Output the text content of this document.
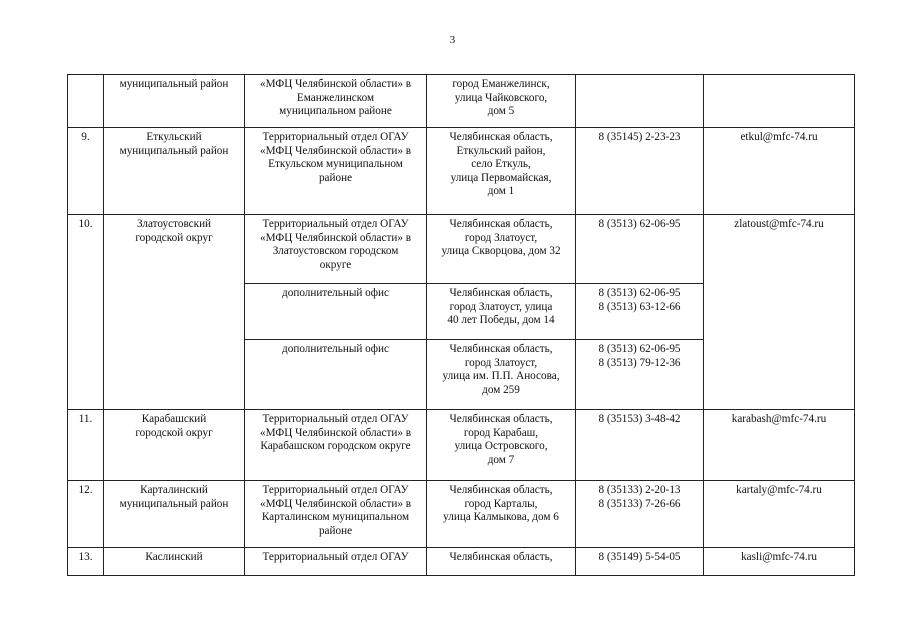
3
	муниципальный район	«МФЦ Челябинской области» в
Еманжелинском
муниципальном районе	город Еманжелинск,
улица Чайковского,
дом 5		
9.	Еткульский
муниципальный район	Территориальный отдел ОГАУ
«МФЦ Челябинской области» в
Еткульском муниципальном
районе	Челябинская область,
Еткульский район,
село Еткуль,
улица Первомайская,
дом 1	8 (35145) 2-23-23	etkul@mfc-74.ru
10.	Златоустовский
городской округ	Территориальный отдел ОГАУ
«МФЦ Челябинской области» в
Златоустовском городском
округе	Челябинская область,
город Златоуст,
улица Скворцова, дом 32	8 (3513) 62-06-95	zlatoust@mfc-74.ru
		дополнительный офис	Челябинская область,
город Златоуст, улица
40 лет Победы, дом 14	8 (3513) 62-06-95
8 (3513) 63-12-66	
		дополнительный офис	Челябинская область,
город Златоуст,
улица им. П.П. Аносова,
дом 259	8 (3513) 62-06-95
8 (3513) 79-12-36	
11.	Карабашский
городской округ	Территориальный отдел ОГАУ
«МФЦ Челябинской области» в
Карабашском городском округе	Челябинская область,
город Карабаш,
улица Островского,
дом 7	8 (35153) 3-48-42	karabash@mfc-74.ru
12.	Карталинский
муниципальный район	Территориальный отдел ОГАУ
«МФЦ Челябинской области» в
Карталинском муниципальном
районе	Челябинская область,
город Карталы,
улица Калмыкова, дом 6	8 (35133) 2-20-13
8 (35133) 7-26-66	kartaly@mfc-74.ru
13.	Каслинский	Территориальный отдел ОГАУ	Челябинская область,	8 (35149) 5-54-05	kasli@mfc-74.ru
